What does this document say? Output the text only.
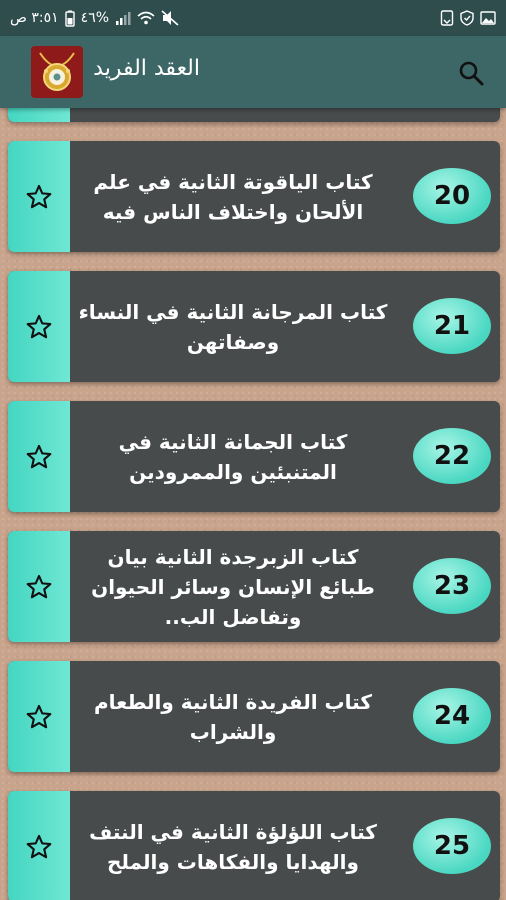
٣:٥١ ص ٤٦%
العقد الفريد
كتاب الياقوتة الثانية في علم الألحان واختلاف الناس فيه
20
كتاب المرجانة الثانية في النساء وصفاتهن
21
كتاب الجمانة الثانية في المتنبئين والممرودين
22
كتاب الزبرجدة الثانية بيان طبائع الإنسان وسائر الحيوان وتفاضل الب..
23
كتاب الفريدة الثانية والطعام والشراب
24
كتاب اللؤلؤة الثانية في النتف والهدايا والفكاهات والملح
25
